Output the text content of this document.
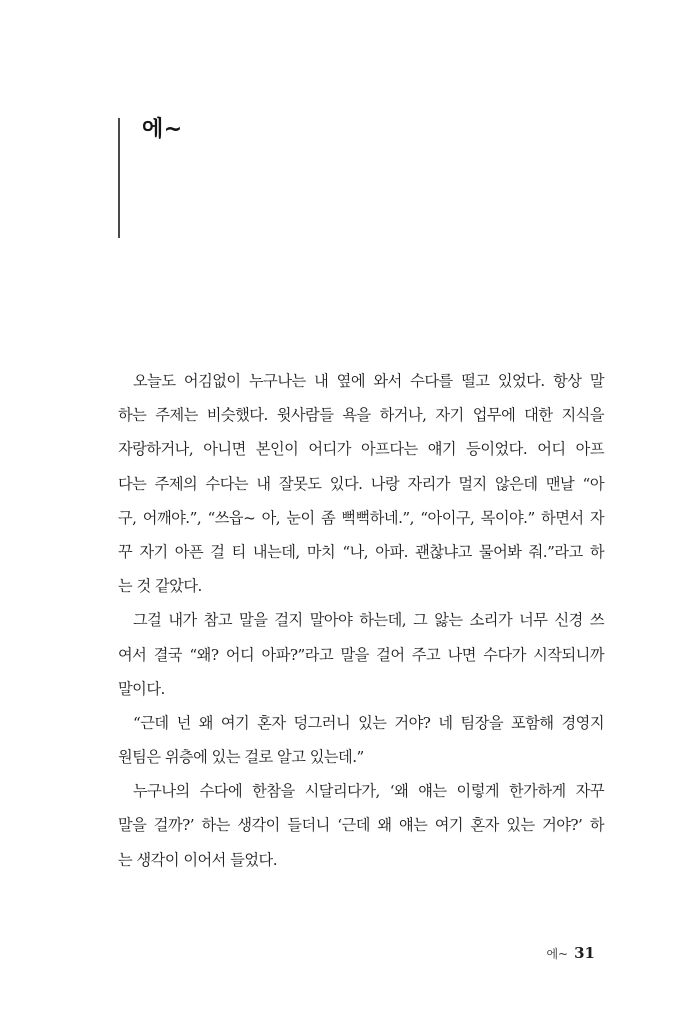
에~
오늘도 어김없이 누구나는 내 옆에 와서 수다를 떨고 있었다. 항상 말
하는 주제는 비슷했다. 윗사람들 욕을 하거나, 자기 업무에 대한 지식을
자랑하거나, 아니면 본인이 어디가 아프다는 얘기 등이었다. 어디 아프
다는 주제의 수다는 내 잘못도 있다. 나랑 자리가 멀지 않은데 맨날 “아
구, 어깨야.”, “쓰읍~ 아, 눈이 좀 뻑뻑하네.”, “아이구, 목이야.” 하면서 자
꾸 자기 아픈 걸 티 내는데, 마치 “나, 아파. 괜찮냐고 물어봐 줘.”라고 하
는 것 같았다.
그걸 내가 참고 말을 걸지 말아야 하는데, 그 앓는 소리가 너무 신경 쓰
여서 결국 “왜? 어디 아파?”라고 말을 걸어 주고 나면 수다가 시작되니까
말이다.
“근데 넌 왜 여기 혼자 덩그러니 있는 거야? 네 팀장을 포함해 경영지
원팀은 위층에 있는 걸로 알고 있는데.”
누구나의 수다에 한참을 시달리다가, ‘왜 얘는 이렇게 한가하게 자꾸
말을 걸까?’ 하는 생각이 들더니 ‘근데 왜 얘는 여기 혼자 있는 거야?’ 하
는 생각이 이어서 들었다.
에~ 31
